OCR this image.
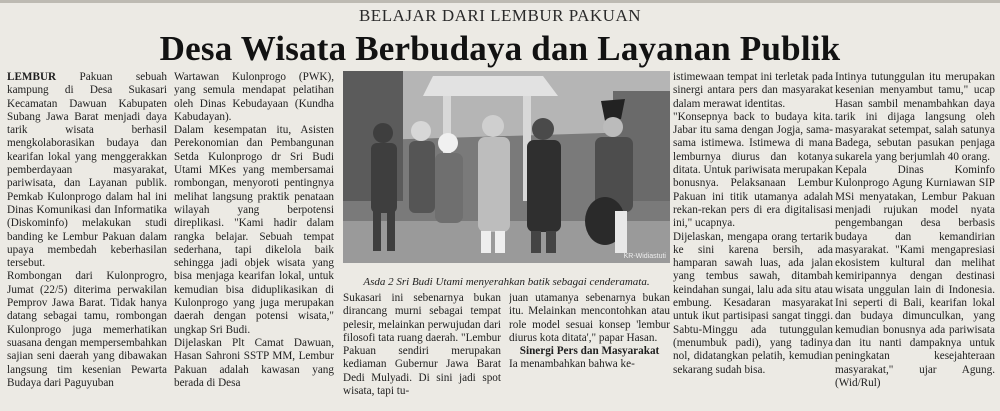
BELAJAR DARI LEMBUR PAKUAN
Desa Wisata Berbudaya dan Layanan Publik
LEMBUR Pakuan sebuah kampung di Desa Sukasari Kecamatan Dawuan Kabupaten Subang Jawa Barat menjadi daya tarik wisata berhasil mengkolaborasikan budaya dan kearifan lokal yang menggerakkan pemberdayaan masyarakat, pariwisata, dan Layanan publik. Pemkab Kulonprogo dalam hal ini Dinas Komunikasi dan Informatika (Diskominfo) melakukan studi banding ke Lembur Pakuan dalam upaya membedah keberhasilan tersebut.
Rombongan dari Kulonprogro, Jumat (22/5) diterima perwakilan Pemprov Jawa Barat. Tidak hanya datang sebagai tamu, rombongan Kulonprogo juga memerhatikan suasana dengan mempersembahkan sajian seni daerah yang dibawakan langsung tim kesenian Pewarta Budaya dari Paguyuban
Wartawan Kulonprogo (PWK), yang semula mendapat pelatihan oleh Dinas Kebudayaan (Kundha Kabudayan).
Dalam kesempatan itu, Asisten Perekonomian dan Pembangunan Setda Kulonprogo dr Sri Budi Utami MKes yang membersamai rombongan, menyoroti pentingnya melihat langsung praktik penataan wilayah yang berpotensi direplikasi. "Kami hadir dalam rangka belajar. Sebuah tempat sederhana, tapi dikelola baik sehingga jadi objek wisata yang bisa menjaga kearifan lokal, untuk kemudian bisa diduplikasikan di Kulonprogo yang juga merupakan daerah dengan potensi wisata," ungkap Sri Budi.
Dijelaskan Plt Camat Dawuan, Hasan Sahroni SSTP MM, Lembur Pakuan adalah kawasan yang berada di Desa
KR-Widiastuti
Asda 2 Sri Budi Utami menyerahkan batik sebagai cenderamata.
Sukasari ini sebenarnya bukan dirancang murni sebagai tempat pelesir, melainkan perwujudan dari filosofi tata ruang daerah. "Lembur Pakuan sendiri merupakan kediaman Gubernur Jawa Barat Dedi Mulyadi. Di sini jadi spot wisata, tapi tu-
juan utamanya sebenarnya bukan itu. Melainkan mencontohkan atau role model sesuai konsep 'lembur diurus kota ditata'," papar Hasan.
Sinergi Pers dan Masyarakat
Ia menambahkan bahwa ke-
istimewaan tempat ini terletak pada sinergi antara pers dan masyarakat dalam merawat identitas.
"Konsepnya back to budaya kita. Jabar itu sama dengan Jogja, sama-sama istimewa. Istimewa di mana lemburnya diurus dan kotanya ditata. Untuk pariwisata merupakan bonusnya. Pelaksanaan Lembur Pakuan ini titik utamanya adalah rekan-rekan pers di era digitalisasi ini," ucapnya.
Dijelaskan, mengapa orang tertarik ke sini karena bersih, ada hamparan sawah luas, ada jalan yang tembus sawah, ditambah keindahan sungai, lalu ada situ atau embung. Kesadaran masyarakat untuk ikut partisipasi sangat tinggi. Sabtu-Minggu ada tutunggulan (menumbuk padi), yang tadinya nol, didatangkan pelatih, kemudian sekarang sudah bisa.
Intinya tutunggulan itu merupakan kesenian menyambut tamu," ucap Hasan sambil menambahkan daya tarik ini dijaga langsung oleh masyarakat setempat, salah satunya Badega, sebutan pasukan penjaga sukarela yang berjumlah 40 orang.
Kepala Dinas Kominfo Kulonprogo Agung Kurniawan SIP MSi menyatakan, Lembur Pakuan menjadi rujukan model nyata pengembangan desa berbasis budaya dan kemandirian masyarakat. "Kami mengapresiasi ekosistem kultural dan melihat kemiripannya dengan destinasi wisata unggulan lain di Indonesia. Ini seperti di Bali, kearifan lokal dan budaya dimunculkan, yang kemudian bonusnya ada pariwisata dan itu nanti dampaknya untuk peningkatan kesejahteraan masyarakat," ujar Agung. (Wid/Rul)
